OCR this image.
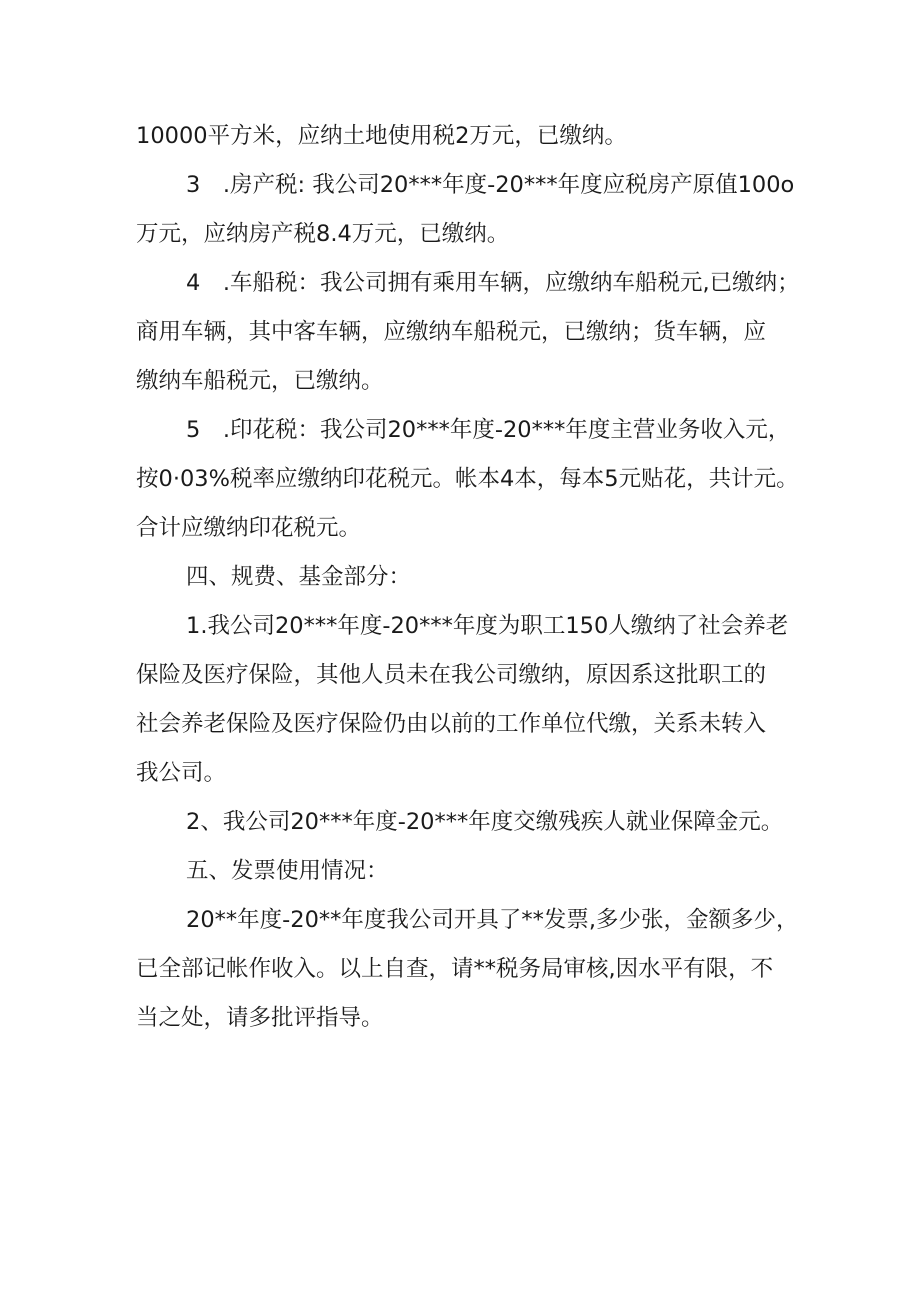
10000平方米，应纳土地使用税2万元，已缴纳。

3　.房产税: 我公司20***年度-20***年度应税房产原值100o
万元，应纳房产税8.4万元，已缴纳。

4　.车船税：我公司拥有乘用车辆，应缴纳车船税元,已缴纳；
商用车辆，其中客车辆，应缴纳车船税元，已缴纳；货车辆，应
缴纳车船税元，已缴纳。

5　.印花税：我公司20***年度-20***年度主营业务收入元，
按0·03%税率应缴纳印花税元。帐本4本，每本5元贴花，共计元。
合计应缴纳印花税元。

四、规费、基金部分：

1.我公司20***年度-20***年度为职工150人缴纳了社会养老
保险及医疗保险，其他人员未在我公司缴纳，原因系这批职工的
社会养老保险及医疗保险仍由以前的工作单位代缴，关系未转入
我公司。

2、我公司20***年度-20***年度交缴残疾人就业保障金元。

五、发票使用情况：

20**年度-20**年度我公司开具了**发票,多少张，金额多少，
已全部记帐作收入。以上自查，请**税务局审核,因水平有限，不
当之处，请多批评指导。
